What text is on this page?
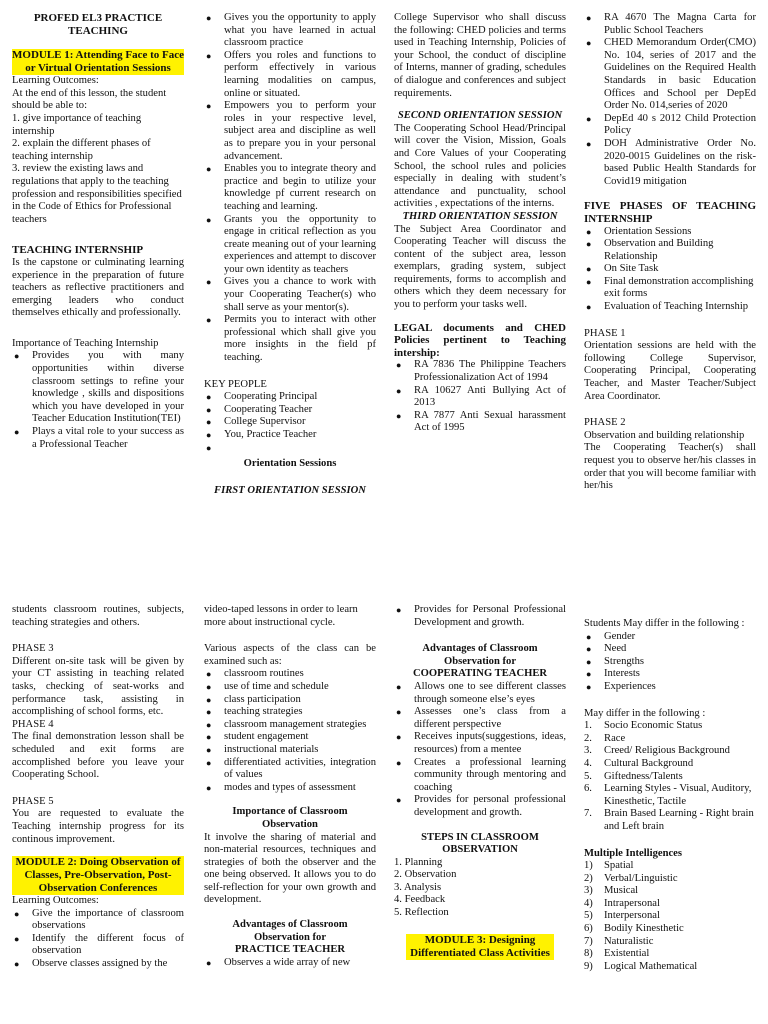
PROFED EL3 PRACTICE TEACHING

MODULE 1: Attending Face to Face or Virtual Orientation Sessions

Learning Outcomes:

At the end of this lesson, the student should be able to:

1. give importance of teaching internship

2. explain the different phases of teaching internship

3. review the existing laws and regulations that apply to the teaching profession and responsibilities specified in the Code of Ethics for Professional teachers

TEACHING INTERNSHIP

Is the capstone or culminating learning experience in the preparation of future teachers as reflective practitioners and emerging leaders who conduct themselves ethically and professionally.

Importance of Teaching Internship

● Provides you with many opportunities within diverse classroom settings to refine your knowledge , skills and dispositions which you have developed in your Teacher Education Institution(TEI)
● Plays a vital role to your success as a Professional Teacher
● Gives you the opportunity to apply what you have learned in actual classroom practice
● Offers you roles and functions to perform effectively in various learning modalities on campus, online or situated.
● Empowers you to perform your roles in your respective level, subject area and discipline as well as to prepare you in your personal advancement.
● Enables you to integrate theory and practice and begin to utilize your knowledge pf current research on teaching and learning.
● Grants you the opportunity to engage in critical reflection as you create meaning out of your learning experiences and attempt to discover your own identity as teachers
● Gives you a chance to work with your Cooperating Teacher(s) who shall serve as your mentor(s).
● Permits you to interact with other professional which shall give you more insights in the field pf teaching.

KEY PEOPLE

● Cooperating Principal
● Cooperating Teacher
● College Supervisor
● You, Practice Teacher
●

Orientation Sessions

FIRST ORIENTATION SESSION

College Supervisor who shall discuss the following: CHED policies and terms used in Teaching Internship, Policies of your School, the conduct of discipline of Interns, manner of grading, schedules of dialogue and conferences and subject requirements.

SECOND ORIENTATION SESSION

The Cooperating School Head/Principal will cover the Vision, Mission, Goals and Core Values of your Cooperating School, the school rules and policies especially in dealing with student’s attendance and punctuality, school activities , expectations of the interns.

THIRD ORIENTATION SESSION

The Subject Area Coordinator and Cooperating Teacher will discuss the content of the subject area, lesson exemplars, grading system, subject requirements, forms to accomplish and others which they deem necessary for you to perform your tasks well.

LEGAL documents and CHED Policies pertinent to Teaching intership:

● RA 7836 The Philippine Teachers Professionalization Act of 1994
● RA 10627 Anti Bullying Act of 2013
● RA 7877 Anti Sexual harassment Act of 1995
● RA 4670 The Magna Carta for Public School Teachers
● CHED Memorandum Order(CMO) No. 104, series of 2017 and the Guidelines on the Required Health Standards in basic Education Offices and School per DepEd Order No. 014,series of 2020
● DepEd 40 s 2012 Child Protection Policy
● DOH Administrative Order No. 2020-0015 Guidelines on the risk-based Public Health Standards for Covid19 mitigation

FIVE PHASES OF TEACHING INTERNSHIP

● Orientation Sessions
● Observation and Building Relationship
● On Site Task
● Final demonstration accomplishing exit forms
● Evaluation of Teaching Internship

PHASE 1

Orientation sessions are held with the following College Supervisor, Cooperating Principal, Cooperating Teacher, and Master Teacher/Subject Area Coordinator.

PHASE 2

Observation and building relationship

The Cooperating Teacher(s) shall request you to observe her/his classes in order that you will become familiar with her/his

students classroom routines, subjects, teaching strategies and others.

PHASE 3

Different on-site task will be given by your CT assisting in teaching related tasks, checking of seat-works and performance task, assisting in accomplishing of school forms, etc.

PHASE 4

The final demonstration lesson shall be scheduled and exit forms are accomplished before you leave your Cooperating School.

PHASE 5

You are requested to evaluate the Teaching internship progress for its continous improvement.

MODULE 2: Doing Observation of Classes, Pre-Observation, Post-Observation Conferences

Learning Outcomes:

● Give the importance of classroom observations
● Identify the different focus of observation
● Observe classes assigned by the

video-taped lessons in order to learn more about instructional cycle.

Various aspects of the class can be examined such as:

● classroom routines
● use of time and schedule
● class participation
● teaching strategies
● classroom management strategies
● student engagement
● instructional materials
● differentiated activities, integration of values
● modes and types of assessment

Importance of Classroom Observation

It involve the sharing of material and non-material resources, techniques and strategies of both the observer and the one being observed. It allows you to do self-reflection for your own growth and development.

Advantages of Classroom Observation for

PRACTICE TEACHER

● Observes a wide array of new
● Provides for Personal Professional Development and growth.

Advantages of Classroom Observation for

COOPERATING TEACHER

● Allows one to see different classes through someone else’s eyes
● Assesses one’s class from a different perspective
● Receives inputs(suggestions, ideas, resources) from a mentee
● Creates a professional learning community through mentoring and coaching
● Provides for personal professional development and growth.

STEPS IN CLASSROOM OBSERVATION

1. Planning

2. Observation

3. Analysis

4. Feedback

5. Reflection

MODULE 3: Designing Differentiated Class Activities

Students May differ in the following :

● Gender
● Need
● Strengths
● Interests
● Experiences

May differ in the following :

1. Socio Economic Status
2. Race
3. Creed/ Religious Background
4. Cultural Background
5. Giftedness/Talents
6. Learning Styles - Visual, Auditory, Kinesthetic, Tactile
7. Brain Based Learning - Right brain and Left brain

Multiple Intelligences

1) Spatial
2) Verbal/Linguistic
3) Musical
4) Intrapersonal
5) Interpersonal
6) Bodily Kinesthetic
7) Naturalistic
8) Existential
9) Logical Mathematical
